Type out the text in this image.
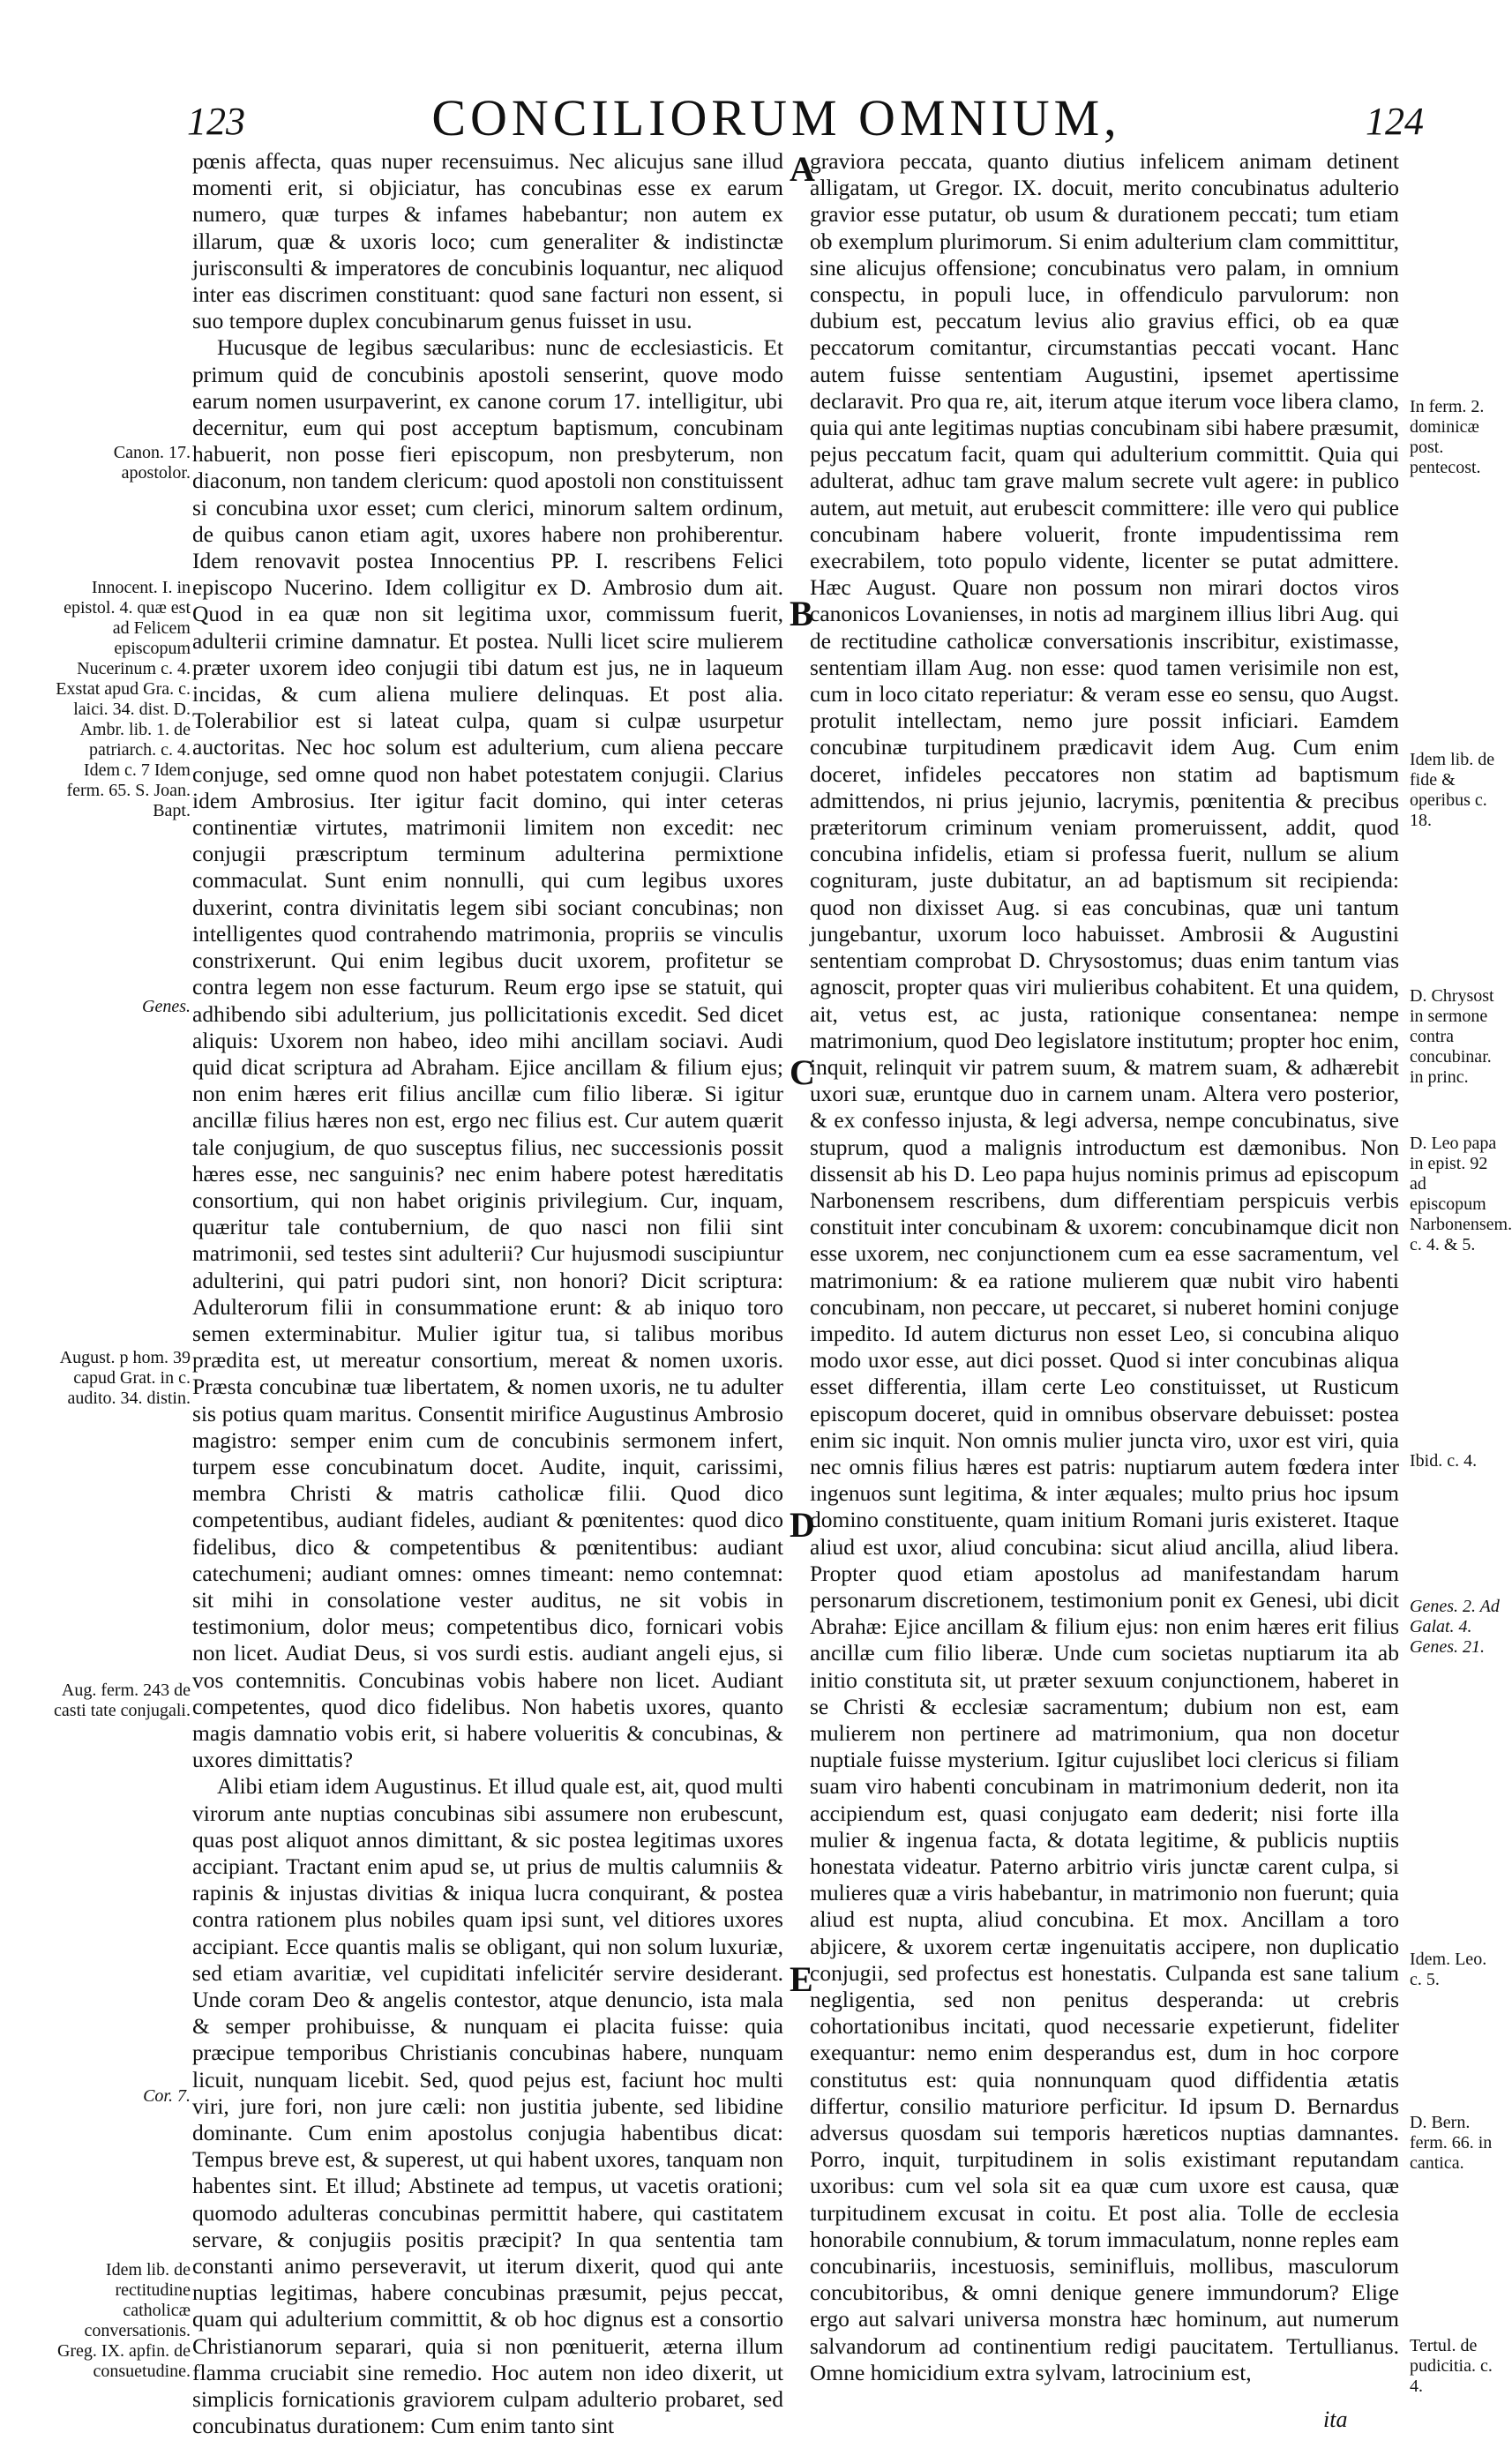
123	CONCILIORUM OMNIUM,	124

pœnis affecta, quas nuper recensuimus. Nec alicujus sane illud momenti erit, si objiciatur, has concubinas esse ex earum numero, quæ turpes & infames habebantur; non autem ex illarum, quæ & uxoris loco; cum generaliter & indistinctæ jurisconsulti & imperatores de concubinis loquantur, nec aliquod inter eas discrimen constituant: quod sane facturi non essent, si suo tempore duplex concubinarum genus fuisset in usu.

Hucusque de legibus sæcularibus: nunc de ecclesiasticis. Et primum quid de concubinis apostoli senserint, quove modo earum nomen usurpaverint, ex canone corum 17. intelligitur, ubi decernitur, eum qui post acceptum baptismum, concubinam habuerit, non posse fieri episcopum, non presbyterum, non diaconum, non tandem clericum: quod apostoli non constituissent si concubina uxor esset; cum clerici, minorum saltem ordinum, de quibus canon etiam agit, uxores habere non prohiberentur. Idem renovavit postea Innocentius PP. I. rescribens Felici episcopo Nucerino. Idem colligitur ex D. Ambrosio dum ait. Quod in ea quæ non sit legitima uxor, commissum fuerit, adulterii crimine damnatur. Et postea. Nulli licet scire mulierem præter uxorem ideo conjugii tibi datum est jus, ne in laqueum incidas, & cum aliena muliere delinquas. Et post alia. Tolerabilior est si lateat culpa, quam si culpæ usurpetur auctoritas. Nec hoc solum est adulterium, cum aliena peccare conjuge, sed omne quod non habet potestatem conjugii. Clarius idem Ambrosius. Iter igitur facit domino, qui inter ceteras continentiæ virtutes, matrimonii limitem non excedit: nec conjugii præscriptum terminum adulterina permixtione commaculat. Sunt enim nonnulli, qui cum legibus uxores duxerint, contra divinitatis legem sibi sociant concubinas; non intelligentes quod contrahendo matrimonia, propriis se vinculis constrixerunt. Qui enim legibus ducit uxorem, profitetur se contra legem non esse facturum. Reum ergo ipse se statuit, qui adhibendo sibi adulterium, jus pollicitationis excedit. Sed dicet aliquis: Uxorem non habeo, ideo mihi ancillam sociavi. Audi quid dicat scriptura ad Abraham. Ejice ancillam & filium ejus; non enim hæres erit filius ancillæ cum filio liberæ. Si igitur ancillæ filius hæres non est, ergo nec filius est. Cur autem quærit tale conjugium, de quo susceptus filius, nec successionis possit hæres esse, nec sanguinis? nec enim habere potest hæreditatis consortium, qui non habet originis privilegium. Cur, inquam, quæritur tale contubernium, de quo nasci non filii sint matrimonii, sed testes sint adulterii? Cur hujusmodi suscipiuntur adulterini, qui patri pudori sint, non honori? Dicit scriptura: Adulterorum filii in consummatione erunt: & ab iniquo toro semen exterminabitur. Mulier igitur tua, si talibus moribus prædita est, ut mereatur consortium, mereat & nomen uxoris. Præsta concubinæ tuæ libertatem, & nomen uxoris, ne tu adulter sis potius quam maritus. Consentit mirifice Augustinus Ambrosio magistro: semper enim cum de concubinis sermonem infert, turpem esse concubinatum docet. Audite, inquit, carissimi, membra Christi & matris catholicæ filii. Quod dico competentibus, audiant fideles, audiant & pœnitentes: quod dico fidelibus, dico & competentibus & pœnitentibus: audiant catechumeni; audiant omnes: omnes timeant: nemo contemnat: sit mihi in consolatione vester auditus, ne sit vobis in testimonium, dolor meus; competentibus dico, fornicari vobis non licet. Audiat Deus, si vos surdi estis. audiant angeli ejus, si vos contemnitis. Concubinas vobis habere non licet. Audiant competentes, quod dico fidelibus. Non habetis uxores, quanto magis damnatio vobis erit, si habere volueritis & concubinas, & uxores dimittatis?

Alibi etiam idem Augustinus. Et illud quale est, ait, quod multi virorum ante nuptias concubinas sibi assumere non erubescunt, quas post aliquot annos dimittant, & sic postea legitimas uxores accipiant. Tractant enim apud se, ut prius de multis calumniis & rapinis & injustas divitias & iniqua lucra conquirant, & postea contra rationem plus nobiles quam ipsi sunt, vel ditiores uxores accipiant. Ecce quantis malis se obligant, qui non solum luxuriæ, sed etiam avaritiæ, vel cupiditati infelicitér servire desiderant. Unde coram Deo & angelis contestor, atque denuncio, ista mala & semper prohibuisse, & nunquam ei placita fuisse: quia præcipue temporibus Christianis concubinas habere, nunquam licuit, nunquam licebit. Sed, quod pejus est, faciunt hoc multi viri, jure fori, non jure cæli: non justitia jubente, sed libidine dominante. Cum enim apostolus conjugia habentibus dicat: Tempus breve est, & superest, ut qui habent uxores, tanquam non habentes sint. Et illud; Abstinete ad tempus, ut vacetis orationi; quomodo adulteras concubinas permittit habere, qui castitatem servare, & conjugiis positis præcipit? In qua sententia tam constanti animo perseveravit, ut iterum dixerit, quod qui ante nuptias legitimas, habere concubinas præsumit, pejus peccat, quam qui adulterium committit, & ob hoc dignus est a consortio Christianorum separari, quia si non pœnituerit, æterna illum flamma cruciabit sine remedio. Hoc autem non ideo dixerit, ut simplicis fornicationis graviorem culpam adulterio probaret, sed concubinatus durationem: Cum enim tanto sint

graviora peccata, quanto diutius infelicem animam detinent alligatam, ut Gregor. IX. docuit, merito concubinatus adulterio gravior esse putatur, ob usum & durationem peccati; tum etiam ob exemplum plurimorum. Si enim adulterium clam committitur, sine alicujus offensione; concubinatus vero palam, in omnium conspectu, in populi luce, in offendiculo parvulorum: non dubium est, peccatum levius alio gravius effici, ob ea quæ peccatorum comitantur, circumstantias peccati vocant. Hanc autem fuisse sententiam Augustini, ipsemet apertissime declaravit. Pro qua re, ait, iterum atque iterum voce libera clamo, quia qui ante legitimas nuptias concubinam sibi habere præsumit, pejus peccatum facit, quam qui adulterium committit. Quia qui adulterat, adhuc tam grave malum secrete vult agere: in publico autem, aut metuit, aut erubescit committere: ille vero qui publice concubinam habere voluerit, fronte impudentissima rem execrabilem, toto populo vidente, licenter se putat admittere. Hæc August. Quare non possum non mirari doctos viros canonicos Lovanienses, in notis ad marginem illius libri Aug. qui de rectitudine catholicæ conversationis inscribitur, existimasse, sententiam illam Aug. non esse: quod tamen verisimile non est, cum in loco citato reperiatur: & veram esse eo sensu, quo Augst. protulit intellectam, nemo jure possit inficiari. Eamdem concubinæ turpitudinem prædicavit idem Aug. Cum enim doceret, infideles peccatores non statim ad baptismum admittendos, ni prius jejunio, lacrymis, pœnitentia & precibus præteritorum criminum veniam promeruissent, addit, quod concubina infidelis, etiam si professa fuerit, nullum se alium cognituram, juste dubitatur, an ad baptismum sit recipienda: quod non dixisset Aug. si eas concubinas, quæ uni tantum jungebantur, uxorum loco habuisset. Ambrosii & Augustini sententiam comprobat D. Chrysostomus; duas enim tantum vias agnoscit, propter quas viri mulieribus cohabitent. Et una quidem, ait, vetus est, ac justa, rationique consentanea: nempe matrimonium, quod Deo legislatore institutum; propter hoc enim, inquit, relinquit vir patrem suum, & matrem suam, & adhærebit uxori suæ, eruntque duo in carnem unam. Altera vero posterior, & ex confesso injusta, & legi adversa, nempe concubinatus, sive stuprum, quod a malignis introductum est dæmonibus. Non dissensit ab his D. Leo papa hujus nominis primus ad episcopum Narbonensem rescribens, dum differentiam perspicuis verbis constituit inter concubinam & uxorem: concubinamque dicit non esse uxorem, nec conjunctionem cum ea esse sacramentum, vel matrimonium: & ea ratione mulierem quæ nubit viro habenti concubinam, non peccare, ut peccaret, si nuberet homini conjuge impedito. Id autem dicturus non esset Leo, si concubina aliquo modo uxor esse, aut dici posset. Quod si inter concubinas aliqua esset differentia, illam certe Leo constituisset, ut Rusticum episcopum doceret, quid in omnibus observare debuisset: postea enim sic inquit. Non omnis mulier juncta viro, uxor est viri, quia nec omnis filius hæres est patris: nuptiarum autem fœdera inter ingenuos sunt legitima, & inter æquales; multo prius hoc ipsum domino constituente, quam initium Romani juris existeret. Itaque aliud est uxor, aliud concubina: sicut aliud ancilla, aliud libera. Propter quod etiam apostolus ad manifestandam harum personarum discretionem, testimonium ponit ex Genesi, ubi dicit Abrahæ: Ejice ancillam & filium ejus: non enim hæres erit filius ancillæ cum filio liberæ. Unde cum societas nuptiarum ita ab initio constituta sit, ut præter sexuum conjunctionem, haberet in se Christi & ecclesiæ sacramentum; dubium non est, eam mulierem non pertinere ad matrimonium, qua non docetur nuptiale fuisse mysterium. Igitur cujuslibet loci clericus si filiam suam viro habenti concubinam in matrimonium dederit, non ita accipiendum est, quasi conjugato eam dederit; nisi forte illa mulier & ingenua facta, & dotata legitime, & publicis nuptiis honestata videatur. Paterno arbitrio viris junctæ carent culpa, si mulieres quæ a viris habebantur, in matrimonio non fuerunt; quia aliud est nupta, aliud concubina. Et mox. Ancillam a toro abjicere, & uxorem certæ ingenuitatis accipere, non duplicatio conjugii, sed profectus est honestatis. Culpanda est sane talium negligentia, sed non penitus desperanda: ut crebris cohortationibus incitati, quod necessarie expetierunt, fideliter exequantur: nemo enim desperandus est, dum in hoc corpore constitutus est: quia nonnunquam quod diffidentia ætatis differtur, consilio maturiore perficitur. Id ipsum D. Bernardus adversus quosdam sui temporis hæreticos nuptias damnantes. Porro, inquit, turpitudinem in solis existimant reputandam uxoribus: cum vel sola sit ea quæ cum uxore est causa, quæ turpitudinem excusat in coitu. Et post alia. Tolle de ecclesia honorabile connubium, & torum immaculatum, nonne reples eam concubinariis, incestuosis, seminifluis, mollibus, masculorum concubitoribus, & omni denique genere immundorum? Elige ergo aut salvari universa monstra hæc hominum, aut numerum salvandorum ad continentium redigi paucitatem. Tertullianus. Omne homicidium extra sylvam, latrocinium est,

A
B
C
D
E
Canon. 17. apostolor.
Innocent. I. in epistol. 4. quæ est ad Felicem episcopum Nucerinum c. 4. Exstat apud Gra. c. laici. 34. dist. D. Ambr. lib. 1. de patriarch. c. 4. Idem c. 7 Idem ferm. 65. S. Joan. Bapt.
Genes.
August. p hom. 39 capud Grat. in c. audito. 34. distin.
Aug. ferm. 243 de casti tate conjugali.
Cor. 7.
Idem lib. de rectitudine catholicæ conversationis. Greg. IX. apfin. de consuetudine.
In ferm. 2. dominicæ post. pentecost.
Idem lib. de fide & operibus c. 18.
D. Chrysost in sermone contra concubinar. in princ.
D. Leo papa in epist. 92 ad episcopum Narbonensem. c. 4. & 5.
Ibid. c. 4.
Genes. 2. Ad Galat. 4. Genes. 21.
Idem. Leo. c. 5.
D. Bern. ferm. 66. in cantica.
Tertul. de pudicitia. c. 4.
ita
